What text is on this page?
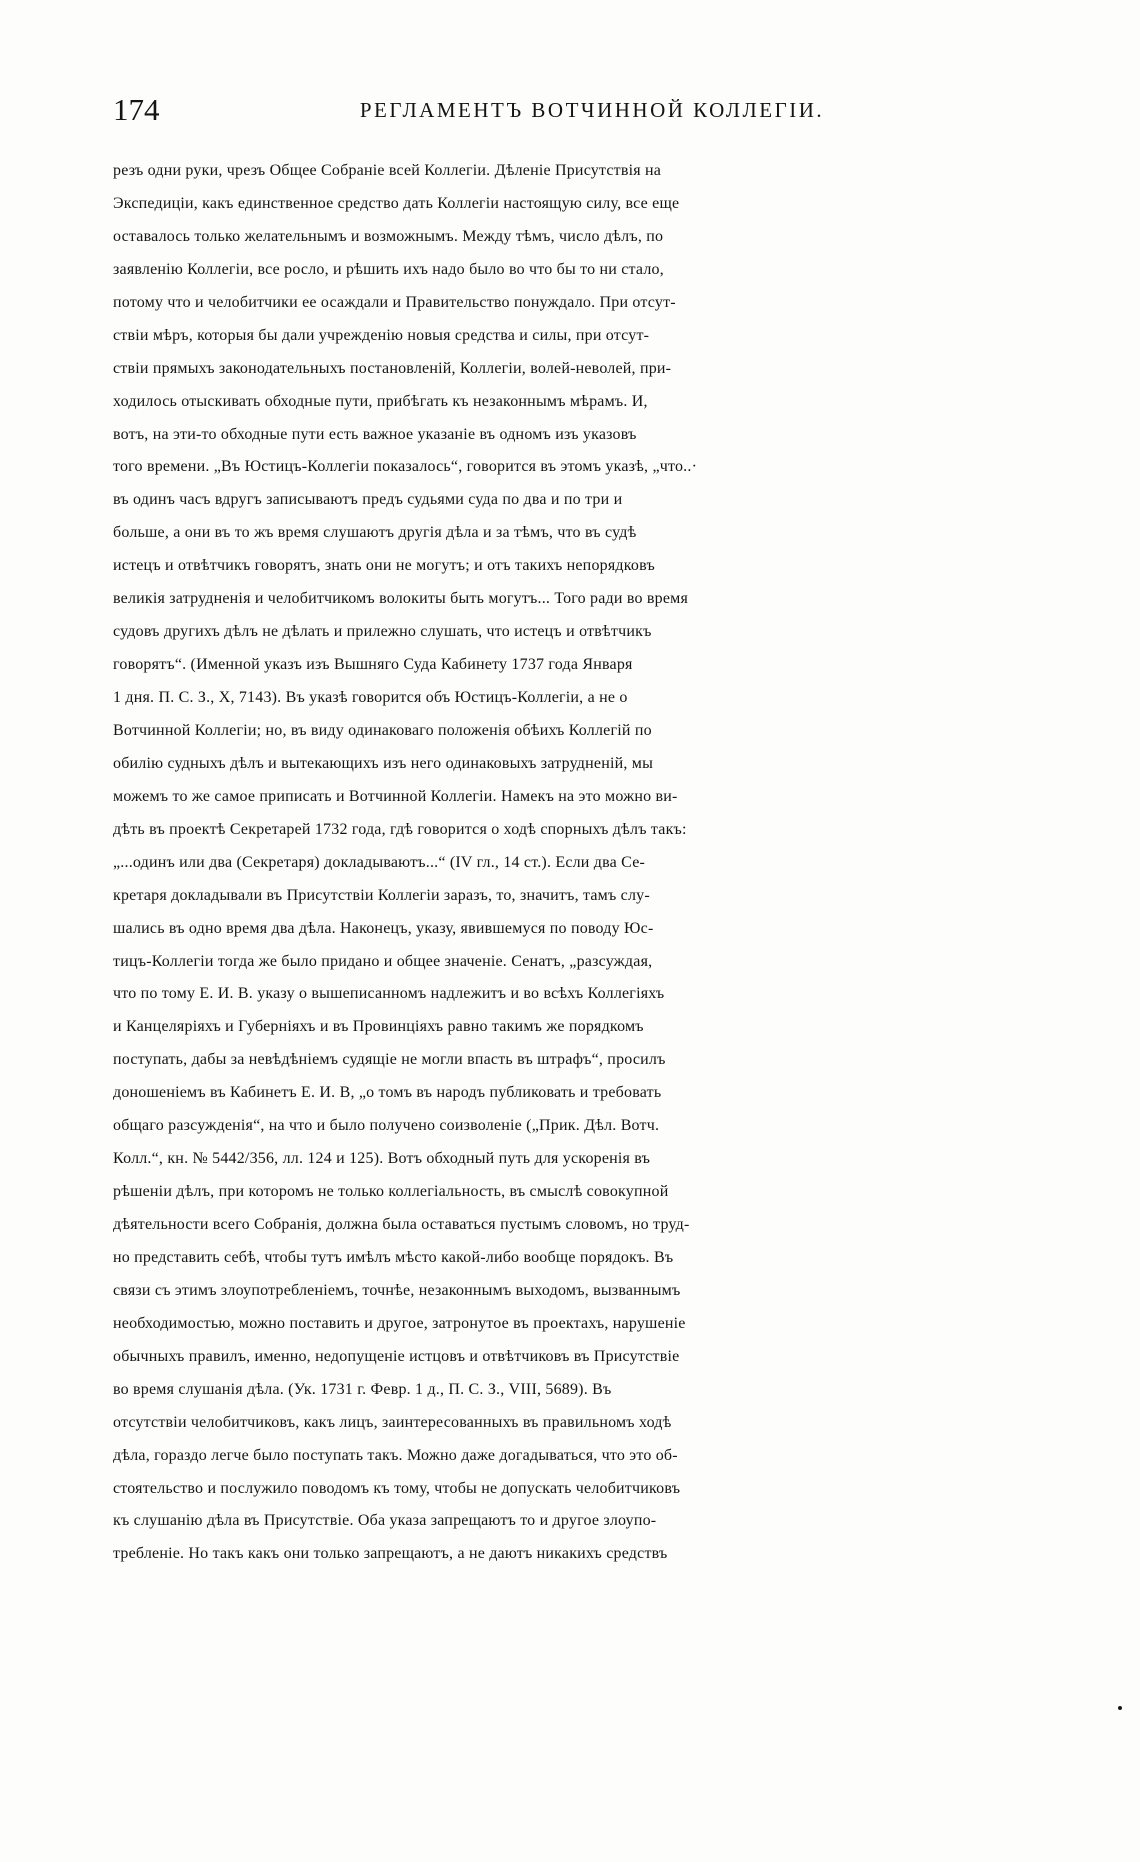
174	РЕГЛАМЕНТЪ ВОТЧИННОЙ КОЛЛЕГІИ.
резъ одни руки, чрезъ Общее Собраніе всей Коллегіи. Дѣленіе Присутствія на
Экспедиціи, какъ единственное средство дать Коллегіи настоящую силу, все еще
оставалось только желательнымъ и возможнымъ. Между тѣмъ, число дѣлъ, по
заявленію Коллегіи, все росло, и рѣшить ихъ надо было во что бы то ни стало,
потому что и челобитчики ее осаждали и Правительство понуждало. При отсут-
ствіи мѣръ, которыя бы дали учрежденію новыя средства и силы, при отсут-
ствіи прямыхъ законодательныхъ постановленій, Коллегіи, волей-неволей, при-
ходилось отыскивать обходные пути, прибѣгать къ незаконнымъ мѣрамъ. И,
вотъ, на эти-то обходные пути есть важное указаніе въ одномъ изъ указовъ
того времени. „Въ Юстицъ-Коллегіи показалось“, говорится въ этомъ указѣ, „что..·
въ одинъ часъ вдругъ записываютъ предъ судьями суда по два и по три и
больше, а они въ то жъ время слушаютъ другія дѣла и за тѣмъ, что въ судѣ
истецъ и отвѣтчикъ говорятъ, знать они не могутъ; и отъ такихъ непорядковъ
великія затрудненія и челобитчикомъ волокиты быть могутъ... Того ради во время
судовъ другихъ дѣлъ не дѣлать и прилежно слушать, что истецъ и отвѣтчикъ
говорятъ“. (Именной указъ изъ Вышняго Суда Кабинету 1737 года Января
1 дня. П. С. З., X, 7143). Въ указѣ говорится объ Юстицъ-Коллегіи, а не о
Вотчинной Коллегіи; но, въ виду одинаковаго положенія обѣихъ Коллегій по
обилію судныхъ дѣлъ и вытекающихъ изъ него одинаковыхъ затрудненій, мы
можемъ то же самое приписать и Вотчинной Коллегіи. Намекъ на это можно ви-
дѣть въ проектѣ Секретарей 1732 года, гдѣ говорится о ходѣ спорныхъ дѣлъ такъ:
„...одинъ или два (Секретаря) докладываютъ...“ (IV гл., 14 ст.). Если два Се-
кретаря докладывали въ Присутствіи Коллегіи заразъ, то, значитъ, тамъ слу-
шались въ одно время два дѣла. Наконецъ, указу, явившемуся по поводу Юс-
тицъ-Коллегіи тогда же было придано и общее значеніе. Сенатъ, „разсуждая,
что по тому Е. И. В. указу о вышеписанномъ надлежитъ и во всѣхъ Коллегіяхъ
и Канцеляріяхъ и Губерніяхъ и въ Провинціяхъ равно такимъ же порядкомъ
поступать, дабы за невѣдѣніемъ судящіе не могли впасть въ штрафъ“, просилъ
доношеніемъ въ Кабинетъ Е. И. В, „о томъ въ народъ публиковать и требовать
общаго разсужденія“, на что и было получено соизволеніе („Прик. Дѣл. Вотч.
Колл.“, кн. № 5442/356, лл. 124 и 125). Вотъ обходный путь для ускоренія въ
рѣшеніи дѣлъ, при которомъ не только коллегіальность, въ смыслѣ совокупной
дѣятельности всего Собранія, должна была оставаться пустымъ словомъ, но труд-
но представить себѣ, чтобы тутъ имѣлъ мѣсто какой-либо вообще порядокъ. Въ
связи съ этимъ злоупотребленіемъ, точнѣе, незаконнымъ выходомъ, вызваннымъ
необходимостью, можно поставить и другое, затронутое въ проектахъ, нарушеніе
обычныхъ правилъ, именно, недопущеніе истцовъ и отвѣтчиковъ въ Присутствіе
во время слушанія дѣла. (Ук. 1731 г. Февр. 1 д., П. С. З., VIII, 5689). Въ
отсутствіи челобитчиковъ, какъ лицъ, заинтересованныхъ въ правильномъ ходѣ
дѣла, гораздо легче было поступать такъ. Можно даже догадываться, что это об-
стоятельство и послужило поводомъ къ тому, чтобы не допускать челобитчиковъ
къ слушанію дѣла въ Присутствіе. Оба указа запрещаютъ то и другое злоупо-
требленіе. Но такъ какъ они только запрещаютъ, а не даютъ никакихъ средствъ
